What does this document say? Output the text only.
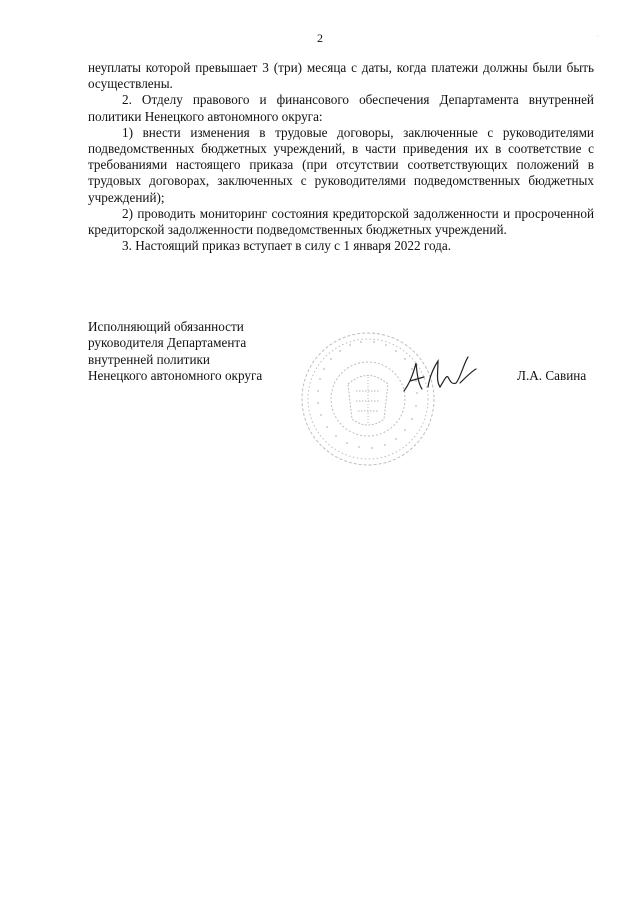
2	·

неуплаты которой превышает 3 (три) месяца с даты, когда платежи должны были быть осуществлены.

2. Отделу правового и финансового обеспечения Департамента внутренней политики Ненецкого автономного округа:

1) внести изменения в трудовые договоры, заключенные с руководителями подведомственных бюджетных учреждений, в части приведения их в соответствие с требованиями настоящего приказа (при отсутствии соответствующих положений в трудовых договорах, заключенных с руководителями подведомственных бюджетных учреждений);

2) проводить мониторинг состояния кредиторской задолженности и просроченной кредиторской задолженности подведомственных бюджетных учреждений.

3. Настоящий приказ вступает в силу с 1 января 2022 года.

Исполняющий обязанности
руководителя Департамента
внутренней политики
Ненецкого автономного округа	Л.А. Савина
